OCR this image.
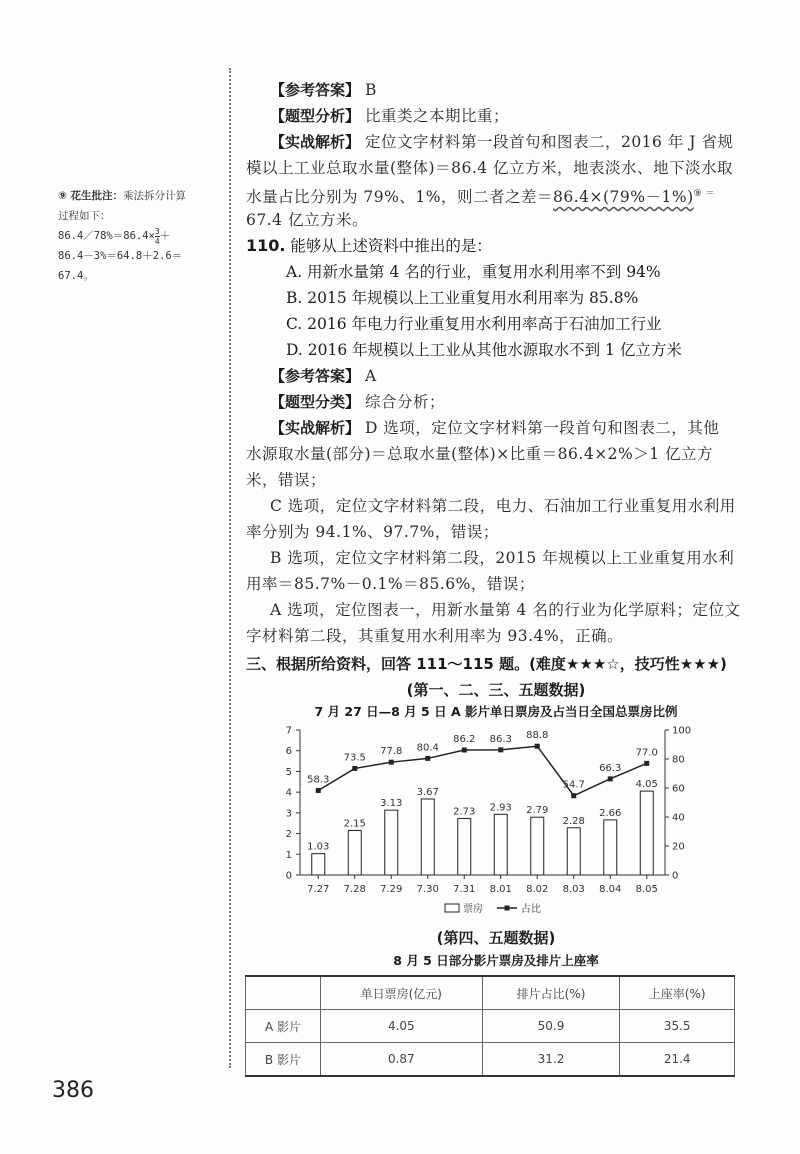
⑨ 花生批注：乘法拆分计算
过程如下：
86.4／78%＝86.4× $\frac{3}{4}$ ＋
86.4－3%＝64.8＋2.6＝
67.4。
【参考答案】 B
【题型分析】 比重类之本期比重；
【实战解析】 定位文字材料第一段首句和图表二，2016 年 J 省规
模以上工业总取水量(整体)＝86.4 亿立方米，地表淡水、地下淡水取
水量占比分别为 79%、1%，则二者之差＝86.4×(79%－1%)⑨ ＝
67.4 亿立方米。
110. 能够从上述资料中推出的是：
A. 用新水量第 4 名的行业，重复用水利用率不到 94%
B. 2015 年规模以上工业重复用水利用率为 85.8%
C. 2016 年电力行业重复用水利用率高于石油加工行业
D. 2016 年规模以上工业从其他水源取水不到 1 亿立方米
【参考答案】 A
【题型分类】 综合分析；
【实战解析】 D 选项，定位文字材料第一段首句和图表二，其他
水源取水量(部分)＝总取水量(整体)×比重＝86.4×2%＞1 亿立方
米，错误；
C 选项，定位文字材料第二段，电力、石油加工行业重复用水利用
率分别为 94.1%、97.7%，错误；
B 选项，定位文字材料第二段，2015 年规模以上工业重复用水利
用率＝85.7%－0.1%＝85.6%，错误；
A 选项，定位图表一，用新水量第 4 名的行业为化学原料；定位文
字材料第二段，其重复用水利用率为 93.4%，正确。
三、根据所给资料，回答 111～115 题。(难度★★★☆，技巧性★★★)
(第一、二、三、五题数据)
7 月 27 日—8 月 5 日 A 影片单日票房及占当日全国总票房比例
0
1
2
3
4
5
6
7
0
20
40
60
80
100
7.27
1.03
7.28
2.15
7.29
3.13
7.30
3.67
7.31
2.73
8.01
2.93
8.02
2.79
8.03
2.28
8.04
2.66
8.05
4.05
58.3
73.5
77.8 80.4
86.2 86.3 88.8
54.7
66.3
77.0
票房	占比
(第四、五题数据)
8 月 5 日部分影片票房及排片上座率
	单日票房(亿元)	排片占比(%)	上座率(%)
A 影片	4.05	50.9	35.5
B 影片	0.87	31.2	21.4
386
